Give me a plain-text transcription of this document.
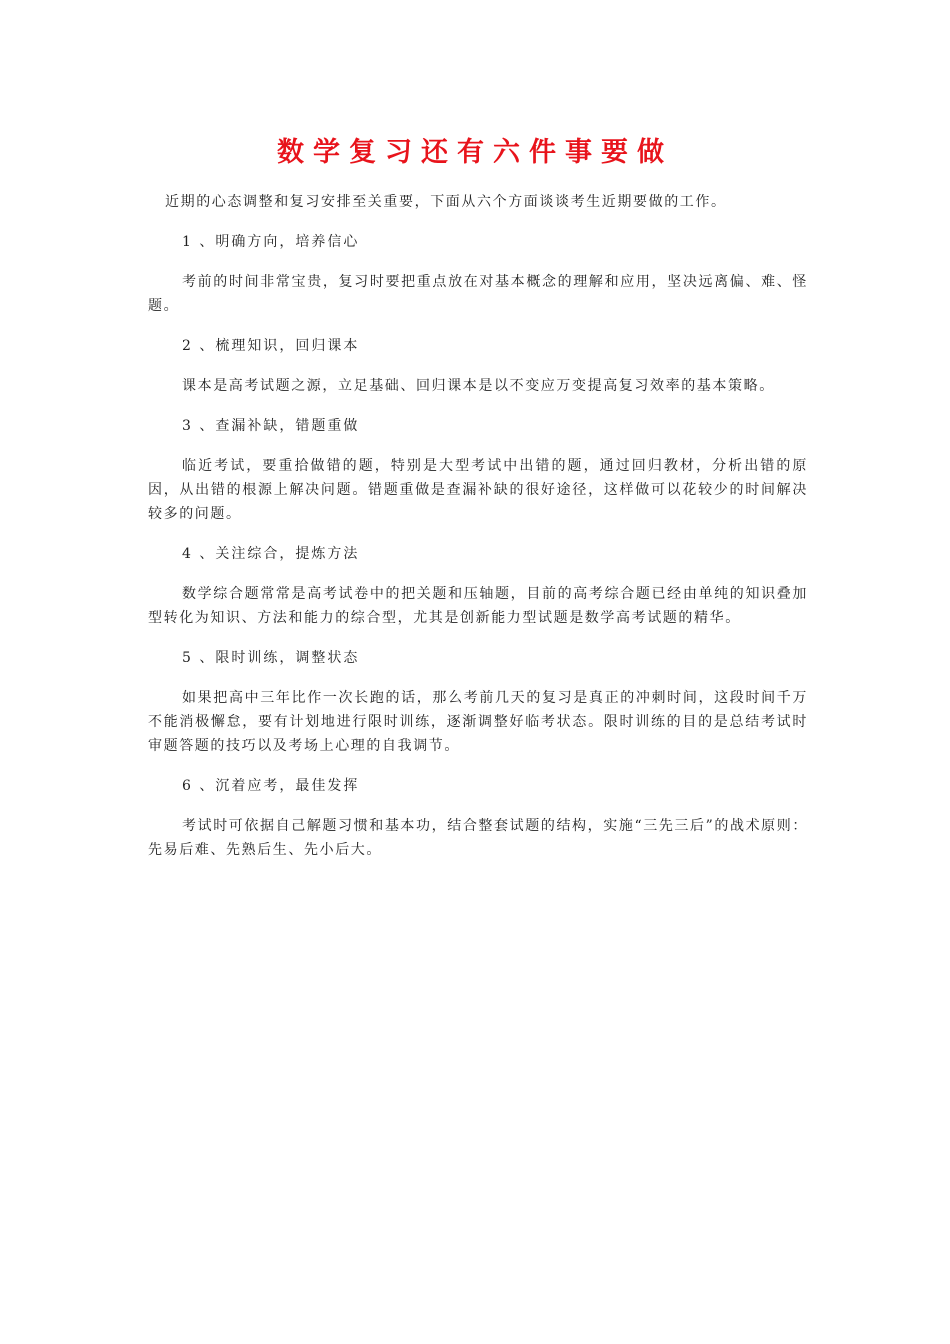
数学复习还有六件事要做

近期的心态调整和复习安排至关重要，下面从六个方面谈谈考生近期要做的工作。

1 、明确方向，培养信心

考前的时间非常宝贵，复习时要把重点放在对基本概念的理解和应用，坚决远离偏、难、怪题。

2 、梳理知识，回归课本

课本是高考试题之源，立足基础、回归课本是以不变应万变提高复习效率的基本策略。

3 、查漏补缺，错题重做

临近考试，要重拾做错的题，特别是大型考试中出错的题，通过回归教材，分析出错的原因，从出错的根源上解决问题。错题重做是查漏补缺的很好途径，这样做可以花较少的时间解决较多的问题。

4 、关注综合，提炼方法

数学综合题常常是高考试卷中的把关题和压轴题，目前的高考综合题已经由单纯的知识叠加型转化为知识、方法和能力的综合型，尤其是创新能力型试题是数学高考试题的精华。

5 、限时训练，调整状态

如果把高中三年比作一次长跑的话，那么考前几天的复习是真正的冲刺时间，这段时间千万不能消极懈怠，要有计划地进行限时训练，逐渐调整好临考状态。限时训练的目的是总结考试时审题答题的技巧以及考场上心理的自我调节。

6 、沉着应考，最佳发挥

考试时可依据自己解题习惯和基本功，结合整套试题的结构，实施“三先三后”的战术原则：先易后难、先熟后生、先小后大。
